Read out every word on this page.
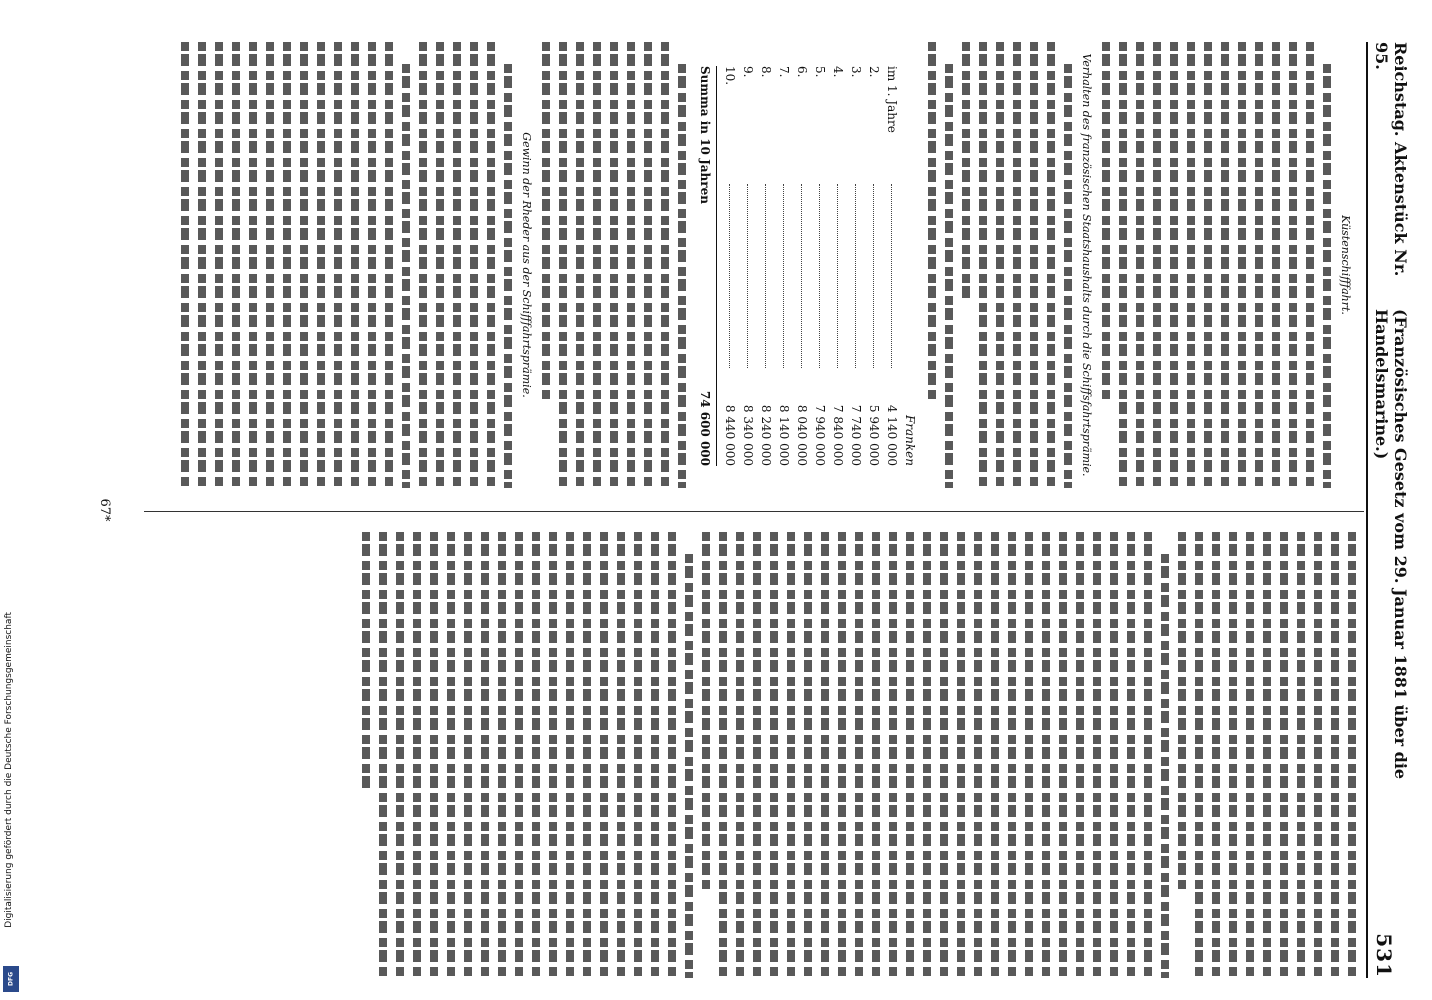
Reichstag. Aktenstück Nr. 95.
(Französisches Gesetz vom 29. Januar 1881 über die Handelsmarine.)
531
Küstenschifffahrt.
Verhalten des französischen Staatshaushalts durch die Schiffsfahrtsprämie.
Franken
im 1. Jahre
4 140 000
2.
5 940 000
3.
7 740 000
4.
7 840 000
5.
7 940 000
6.
8 040 000
7.
8 140 000
8.
8 240 000
9.
8 340 000
10.
8 440 000
Summa in 10 Jahren
74 600 000
Gewinn der Rheder aus der Schifffahrtsprämie.
67*
Digitalisierung gefördert durch die Deutsche Forschungsgemeinschaft
DFG
